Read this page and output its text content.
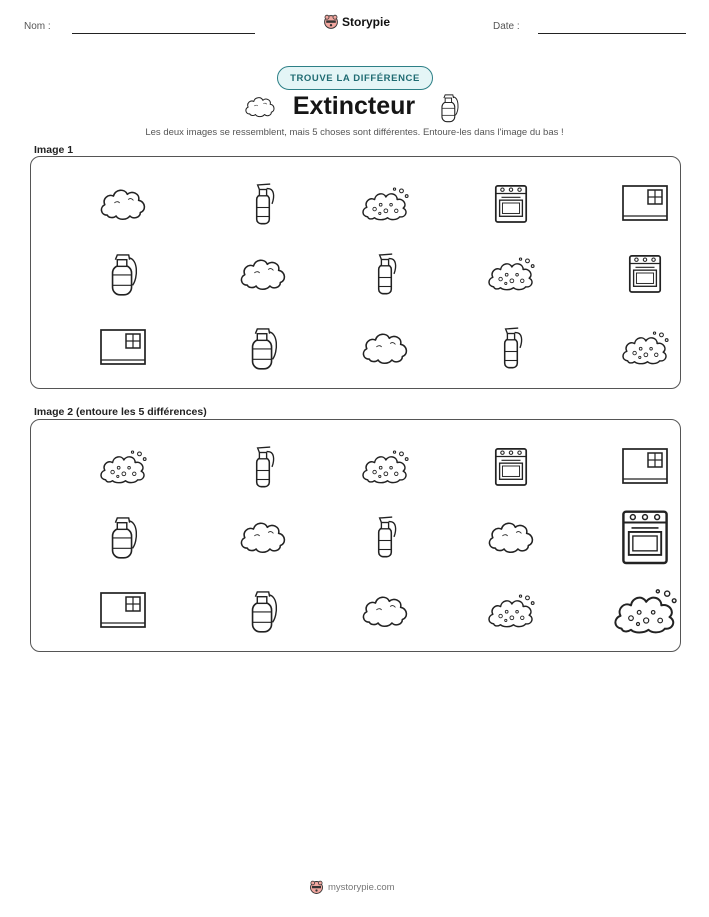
Nom :	Storypie	Date :
TROUVE LA DIFFÉRENCE
Extincteur
Les deux images se ressemblent, mais 5 choses sont différentes. Entoure-les dans l'image du bas !
Image 1
Image 2 (entoure les 5 différences)
mystorypie.com
